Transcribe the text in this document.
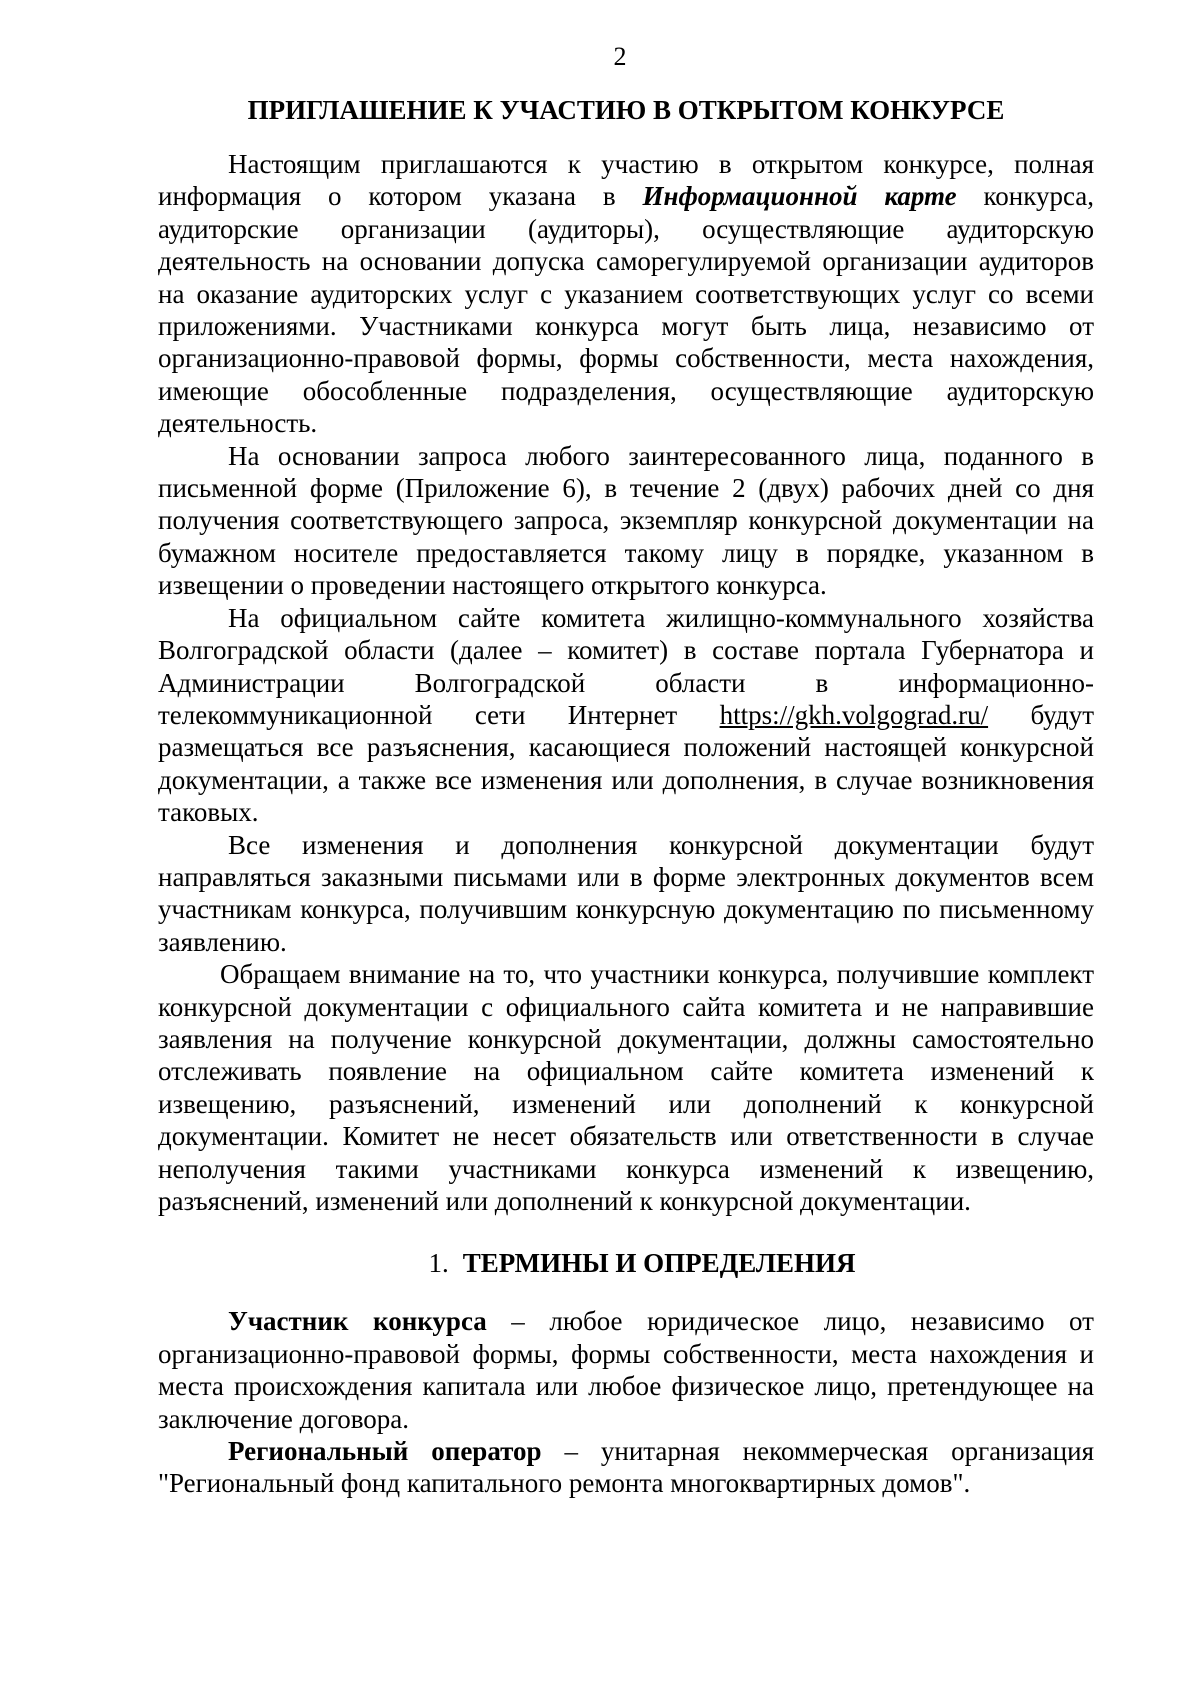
2
ПРИГЛАШЕНИЕ К УЧАСТИЮ В ОТКРЫТОМ КОНКУРСЕ

Настоящим приглашаются к участию в открытом конкурсе, полная информация о котором указана в Информационной карте конкурса, аудиторские организации (аудиторы), осуществляющие аудиторскую деятельность на основании допуска саморегулируемой организации аудиторов на оказание аудиторских услуг с указанием соответствующих услуг со всеми приложениями. Участниками конкурса могут быть лица, независимо от организационно-правовой формы, формы собственности, места нахождения, имеющие обособленные подразделения, осуществляющие аудиторскую деятельность.

На основании запроса любого заинтересованного лица, поданного в письменной форме (Приложение 6), в течение 2 (двух) рабочих дней со дня получения соответствующего запроса, экземпляр конкурсной документации на бумажном носителе предоставляется такому лицу в порядке, указанном в извещении о проведении настоящего открытого конкурса.

На официальном сайте комитета жилищно-коммунального хозяйства Волгоградской области (далее – комитет) в составе портала Губернатора и Администрации Волгоградской области в информационно-телекоммуникационной сети Интернет https://gkh.volgograd.ru/ будут размещаться все разъяснения, касающиеся положений настоящей конкурсной документации, а также все изменения или дополнения, в случае возникновения таковых.

Все изменения и дополнения конкурсной документации будут направляться заказными письмами или в форме электронных документов всем участникам конкурса, получившим конкурсную документацию по письменному заявлению.

Обращаем внимание на то, что участники конкурса, получившие комплект конкурсной документации с официального сайта комитета и не направившие заявления на получение конкурсной документации, должны самостоятельно отслеживать появление на официальном сайте комитета изменений к извещению, разъяснений, изменений или дополнений к конкурсной документации. Комитет не несет обязательств или ответственности в случае неполучения такими участниками конкурса изменений к извещению, разъяснений, изменений или дополнений к конкурсной документации.

1. ТЕРМИНЫ И ОПРЕДЕЛЕНИЯ

Участник конкурса – любое юридическое лицо, независимо от организационно-правовой формы, формы собственности, места нахождения и места происхождения капитала или любое физическое лицо, претендующее на заключение договора.

Региональный оператор – унитарная некоммерческая организация "Региональный фонд капитального ремонта многоквартирных домов".
